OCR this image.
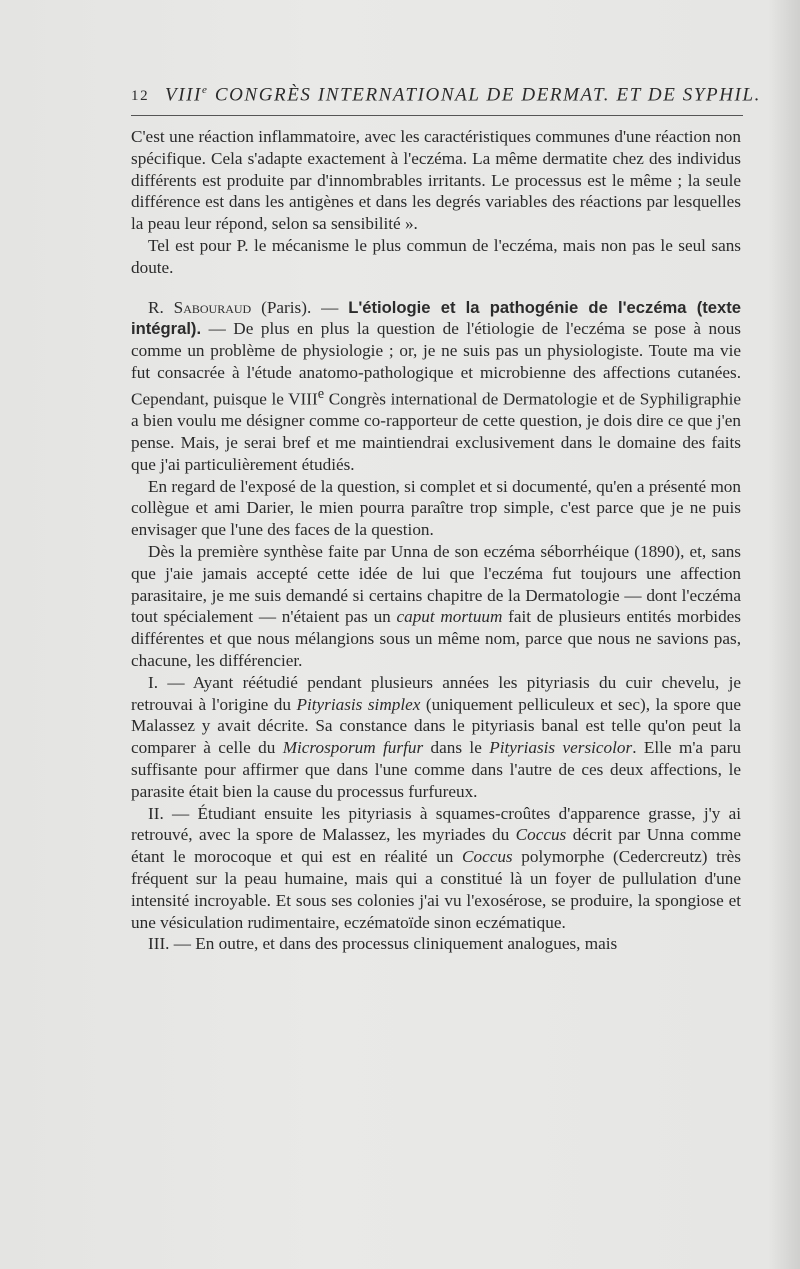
12 VIIIe CONGRÈS INTERNATIONAL DE DERMAT. ET DE SYPHIL.

C'est une réaction inflammatoire, avec les caractéristiques communes d'une réaction non spécifique. Cela s'adapte exactement à l'eczéma. La même dermatite chez des individus différents est produite par d'innombrables irritants. Le processus est le même ; la seule différence est dans les antigènes et dans les degrés variables des réactions par lesquelles la peau leur répond, selon sa sensibilité ».

Tel est pour P. le mécanisme le plus commun de l'eczéma, mais non pas le seul sans doute.

R. Sabouraud (Paris). — L'étiologie et la pathogénie de l'eczéma (texte intégral). — De plus en plus la question de l'étiologie de l'eczéma se pose à nous comme un problème de physiologie ; or, je ne suis pas un physiologiste. Toute ma vie fut consacrée à l'étude anatomo-pathologique et microbienne des affections cutanées. Cependant, puisque le VIIIe Congrès international de Dermatologie et de Syphiligraphie a bien voulu me désigner comme co-rapporteur de cette question, je dois dire ce que j'en pense. Mais, je serai bref et me maintiendrai exclusivement dans le domaine des faits que j'ai particulièrement étudiés.

En regard de l'exposé de la question, si complet et si documenté, qu'en a présenté mon collègue et ami Darier, le mien pourra paraître trop simple, c'est parce que je ne puis envisager que l'une des faces de la question.

Dès la première synthèse faite par Unna de son eczéma séborrhéique (1890), et, sans que j'aie jamais accepté cette idée de lui que l'eczéma fut toujours une affection parasitaire, je me suis demandé si certains chapitre de la Dermatologie — dont l'eczéma tout spécialement — n'étaient pas un caput mortuum fait de plusieurs entités morbides différentes et que nous mélangions sous un même nom, parce que nous ne savions pas, chacune, les différencier.

I. — Ayant réétudié pendant plusieurs années les pityriasis du cuir chevelu, je retrouvai à l'origine du Pityriasis simplex (uniquement pelliculeux et sec), la spore que Malassez y avait décrite. Sa constance dans le pityriasis banal est telle qu'on peut la comparer à celle du Microsporum furfur dans le Pityriasis versicolor. Elle m'a paru suffisante pour affirmer que dans l'une comme dans l'autre de ces deux affections, le parasite était bien la cause du processus furfureux.

II. — Étudiant ensuite les pityriasis à squames-croûtes d'apparence grasse, j'y ai retrouvé, avec la spore de Malassez, les myriades du Coccus décrit par Unna comme étant le morocoque et qui est en réalité un Coccus polymorphe (Cedercreutz) très fréquent sur la peau humaine, mais qui a constitué là un foyer de pullulation d'une intensité incroyable. Et sous ses colonies j'ai vu l'exosérose, se produire, la spongiose et une vésiculation rudimentaire, eczématoïde sinon eczématique.

III. — En outre, et dans des processus cliniquement analogues, mais
